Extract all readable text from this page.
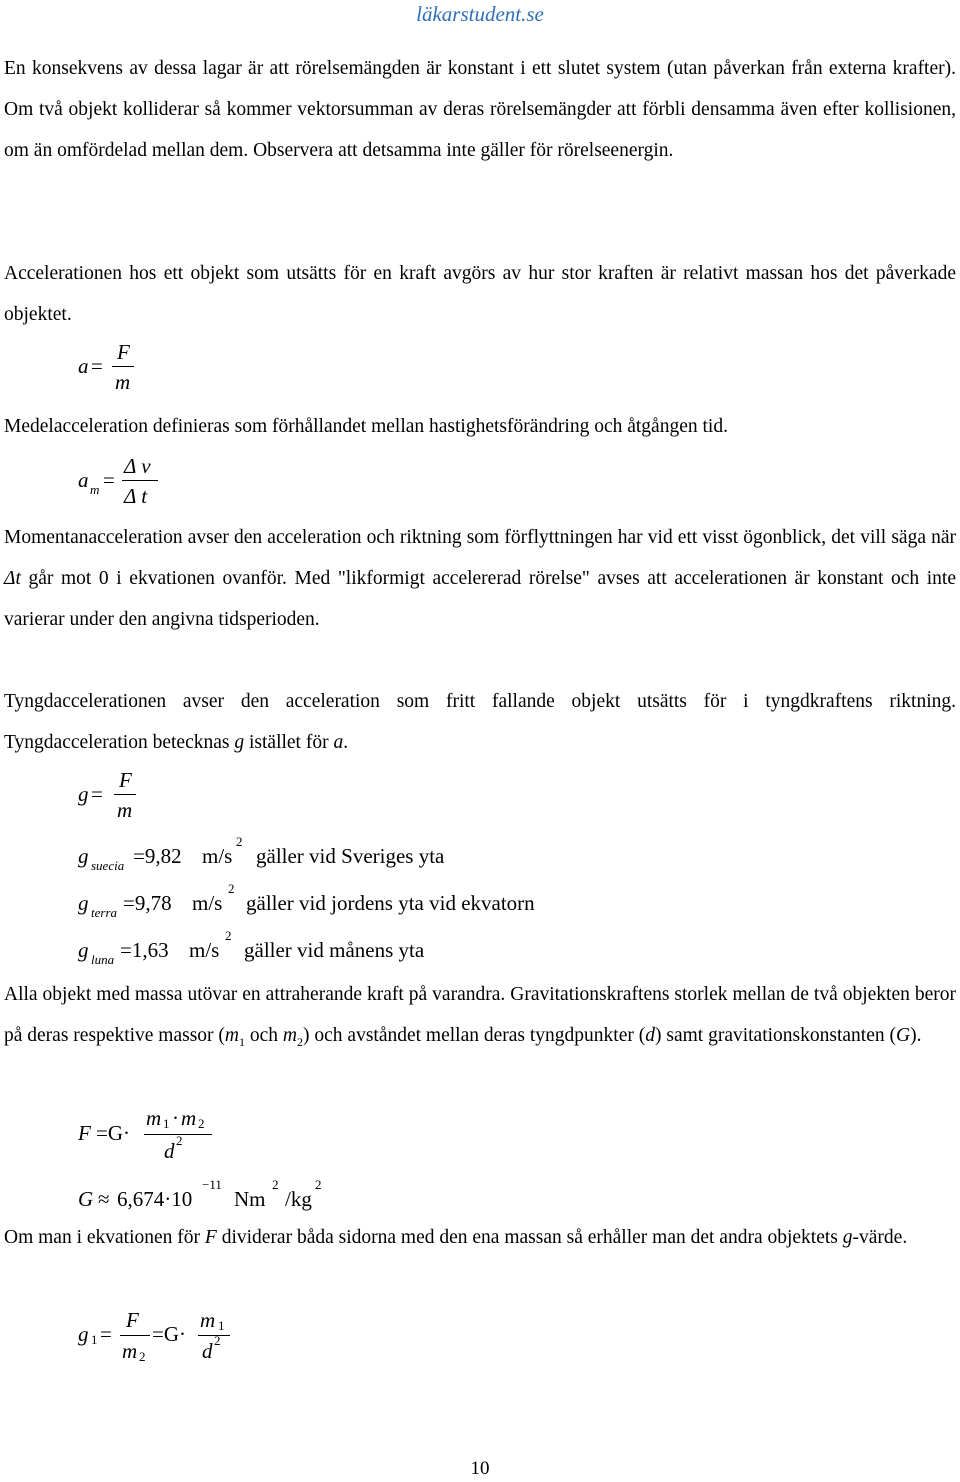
läkarstudent.se

En konsekvens av dessa lagar är att rörelsemängden är konstant i ett slutet system (utan påverkan från externa krafter). Om två objekt kolliderar så kommer vektorsumman av deras rörelsemängder att förbli densamma även efter kollisionen, om än omfördelad mellan dem. Observera att detsamma inte gäller för rörelseenergin.

Accelerationen hos ett objekt som utsätts för en kraft avgörs av hur stor kraften är relativt massan hos det påverkade objektet.

a =
F
m

Medelacceleration definieras som förhållandet mellan hastighetsförändring och åtgången tid.

a m =
Δ v
Δ t

Momentanacceleration avser den acceleration och riktning som förflyttningen har vid ett visst ögonblick, det vill säga när Δt går mot 0 i ekvationen ovanför. Med "likformigt accelererad rörelse" avses att accelerationen är konstant och inte varierar under den angivna tidsperioden.

Tyngdaccelerationen avser den acceleration som fritt fallande objekt utsätts för i tyngdkraftens riktning. Tyngdacceleration betecknas g istället för a.

g =
F
m
g suecia =9,82 m/s
2
gäller vid Sveriges yta
g terra =9,78 m/s
2
gäller vid jordens yta vid ekvatorn
g luna =1,63 m/s
2
gäller vid månens yta

Alla objekt med massa utövar en attraherande kraft på varandra. Gravitationskraftens storlek mellan de två objekten beror på deras respektive massor ($m_1$ och $m_2$) och avståndet mellan deras tyngdpunkter (d) samt gravitationskonstanten (G).

F =G·
m 1 · m 2
d 2
G ≈ 6,674·10
−11
Nm
2
/kg
2

Om man i ekvationen för F dividerar båda sidorna med den ena massan så erhåller man det andra objektets g-värde.

g 1 =
F
m 2
=G·
m 1
d 2
10
